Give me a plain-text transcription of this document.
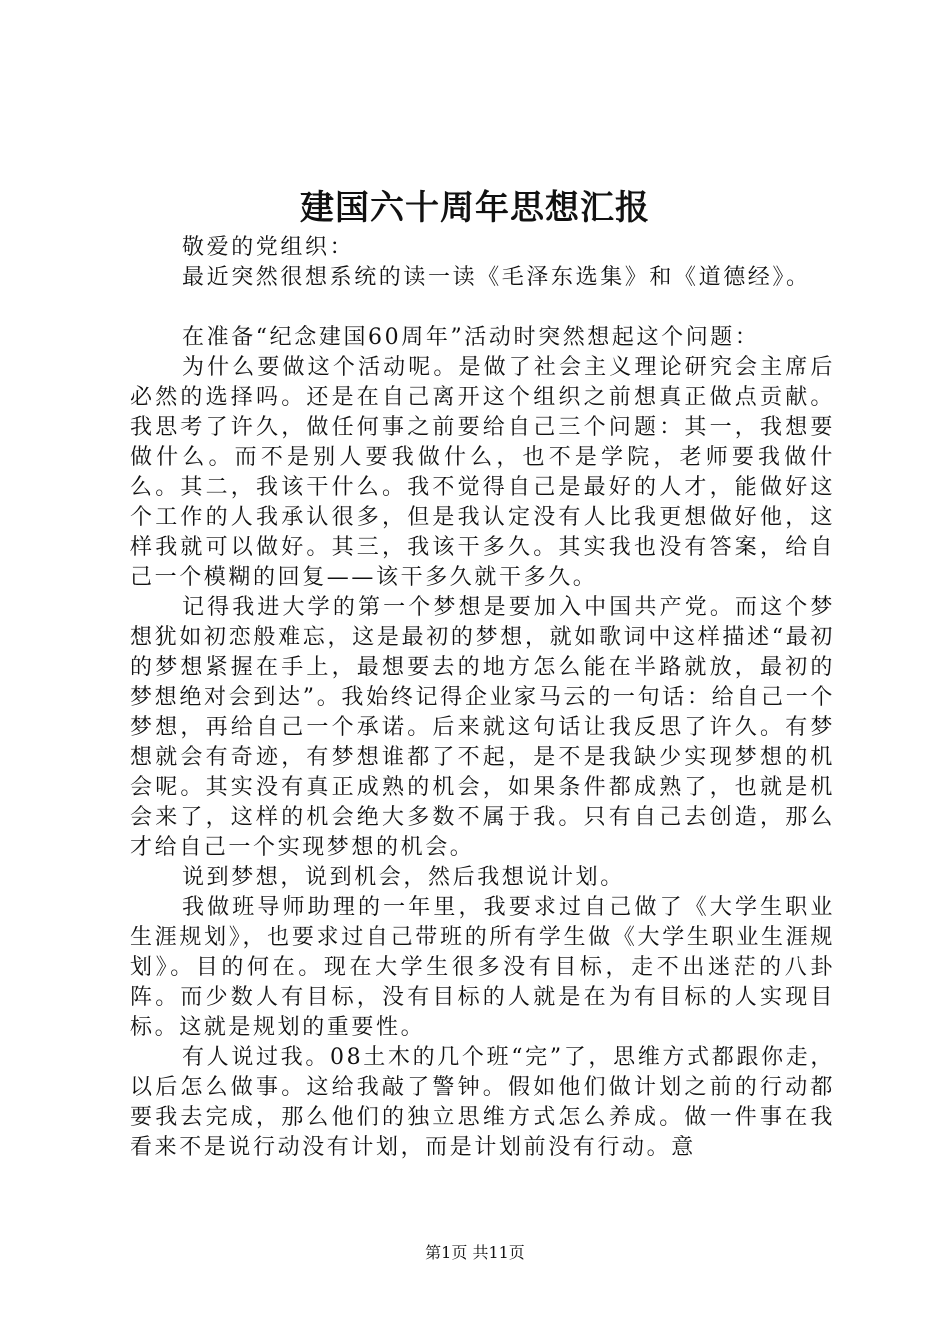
建国六十周年思想汇报

敬爱的党组织：

最近突然很想系统的读一读《毛泽东选集》和《道德经》。

在准备“纪念建国60周年”活动时突然想起这个问题：

为什么要做这个活动呢。是做了社会主义理论研究会主席后必然的选择吗。还是在自己离开这个组织之前想真正做点贡献。我思考了许久，做任何事之前要给自己三个问题：其一，我想要做什么。而不是别人要我做什么，也不是学院，老师要我做什么。其二，我该干什么。我不觉得自己是最好的人才，能做好这个工作的人我承认很多，但是我认定没有人比我更想做好他，这样我就可以做好。其三，我该干多久。其实我也没有答案，给自己一个模糊的回复——该干多久就干多久。

记得我进大学的第一个梦想是要加入中国共产党。而这个梦想犹如初恋般难忘，这是最初的梦想，就如歌词中这样描述“最初的梦想紧握在手上，最想要去的地方怎么能在半路就放，最初的梦想绝对会到达”。我始终记得企业家马云的一句话：给自己一个梦想，再给自己一个承诺。后来就这句话让我反思了许久。有梦想就会有奇迹，有梦想谁都了不起，是不是我缺少实现梦想的机会呢。其实没有真正成熟的机会，如果条件都成熟了，也就是机会来了，这样的机会绝大多数不属于我。只有自己去创造，那么才给自己一个实现梦想的机会。

说到梦想，说到机会，然后我想说计划。

我做班导师助理的一年里，我要求过自己做了《大学生职业生涯规划》，也要求过自己带班的所有学生做《大学生职业生涯规划》。目的何在。现在大学生很多没有目标，走不出迷茫的八卦阵。而少数人有目标，没有目标的人就是在为有目标的人实现目标。这就是规划的重要性。

有人说过我。08土木的几个班“完”了，思维方式都跟你走，以后怎么做事。这给我敲了警钟。假如他们做计划之前的行动都要我去完成，那么他们的独立思维方式怎么养成。做一件事在我看来不是说行动没有计划，而是计划前没有行动。意

第1页 共11页
